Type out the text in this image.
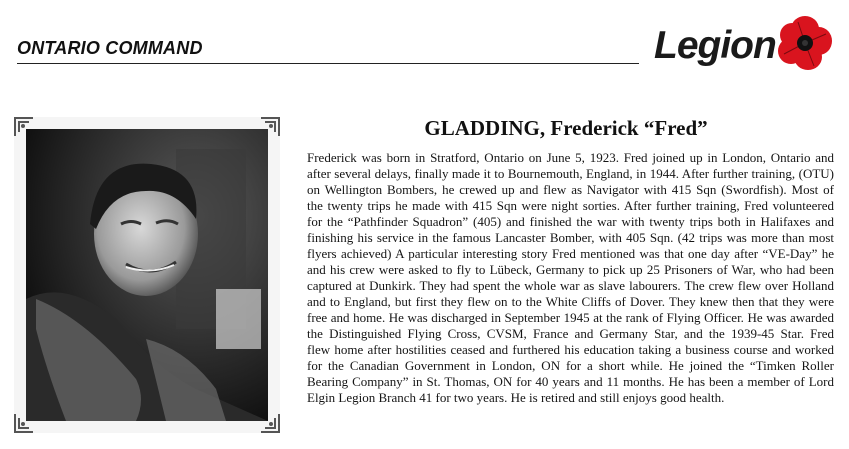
ONTARIO COMMAND	Legion
GLADDING, Frederick “Fred”
Frederick was born in Stratford, Ontario on June 5, 1923. Fred joined up in London, Ontario and
after several delays, finally made it to Bournemouth, England, in 1944. After further training, (OTU)
on Wellington Bombers, he crewed up and flew as Navigator with 415 Sqn (Swordfish). Most of
the twenty trips he made with 415 Sqn were night sorties. After further training, Fred volunteered
for the “Pathfinder Squadron” (405) and finished the war with twenty trips both in Halifaxes and
finishing his service in the famous Lancaster Bomber, with 405 Sqn. (42 trips was more than most
flyers achieved) A particular interesting story Fred mentioned was that one day after “VE-Day” he
and his crew were asked to fly to Lübeck, Germany to pick up 25 Prisoners of War, who had been
captured at Dunkirk. They had spent the whole war as slave labourers. The crew flew over Holland
and to England, but first they flew on to the White Cliffs of Dover. They knew then that they were
free and home. He was discharged in September 1945 at the rank of Flying Officer. He was awarded
the Distinguished Flying Cross, CVSM, France and Germany Star, and the 1939-45 Star. Fred
flew home after hostilities ceased and furthered his education taking a business course and worked
for the Canadian Government in London, ON for a short while. He joined the “Timken Roller
Bearing Company” in St. Thomas, ON for 40 years and 11 months. He has been a member of Lord
Elgin Legion Branch 41 for two years. He is retired and still enjoys good health.
